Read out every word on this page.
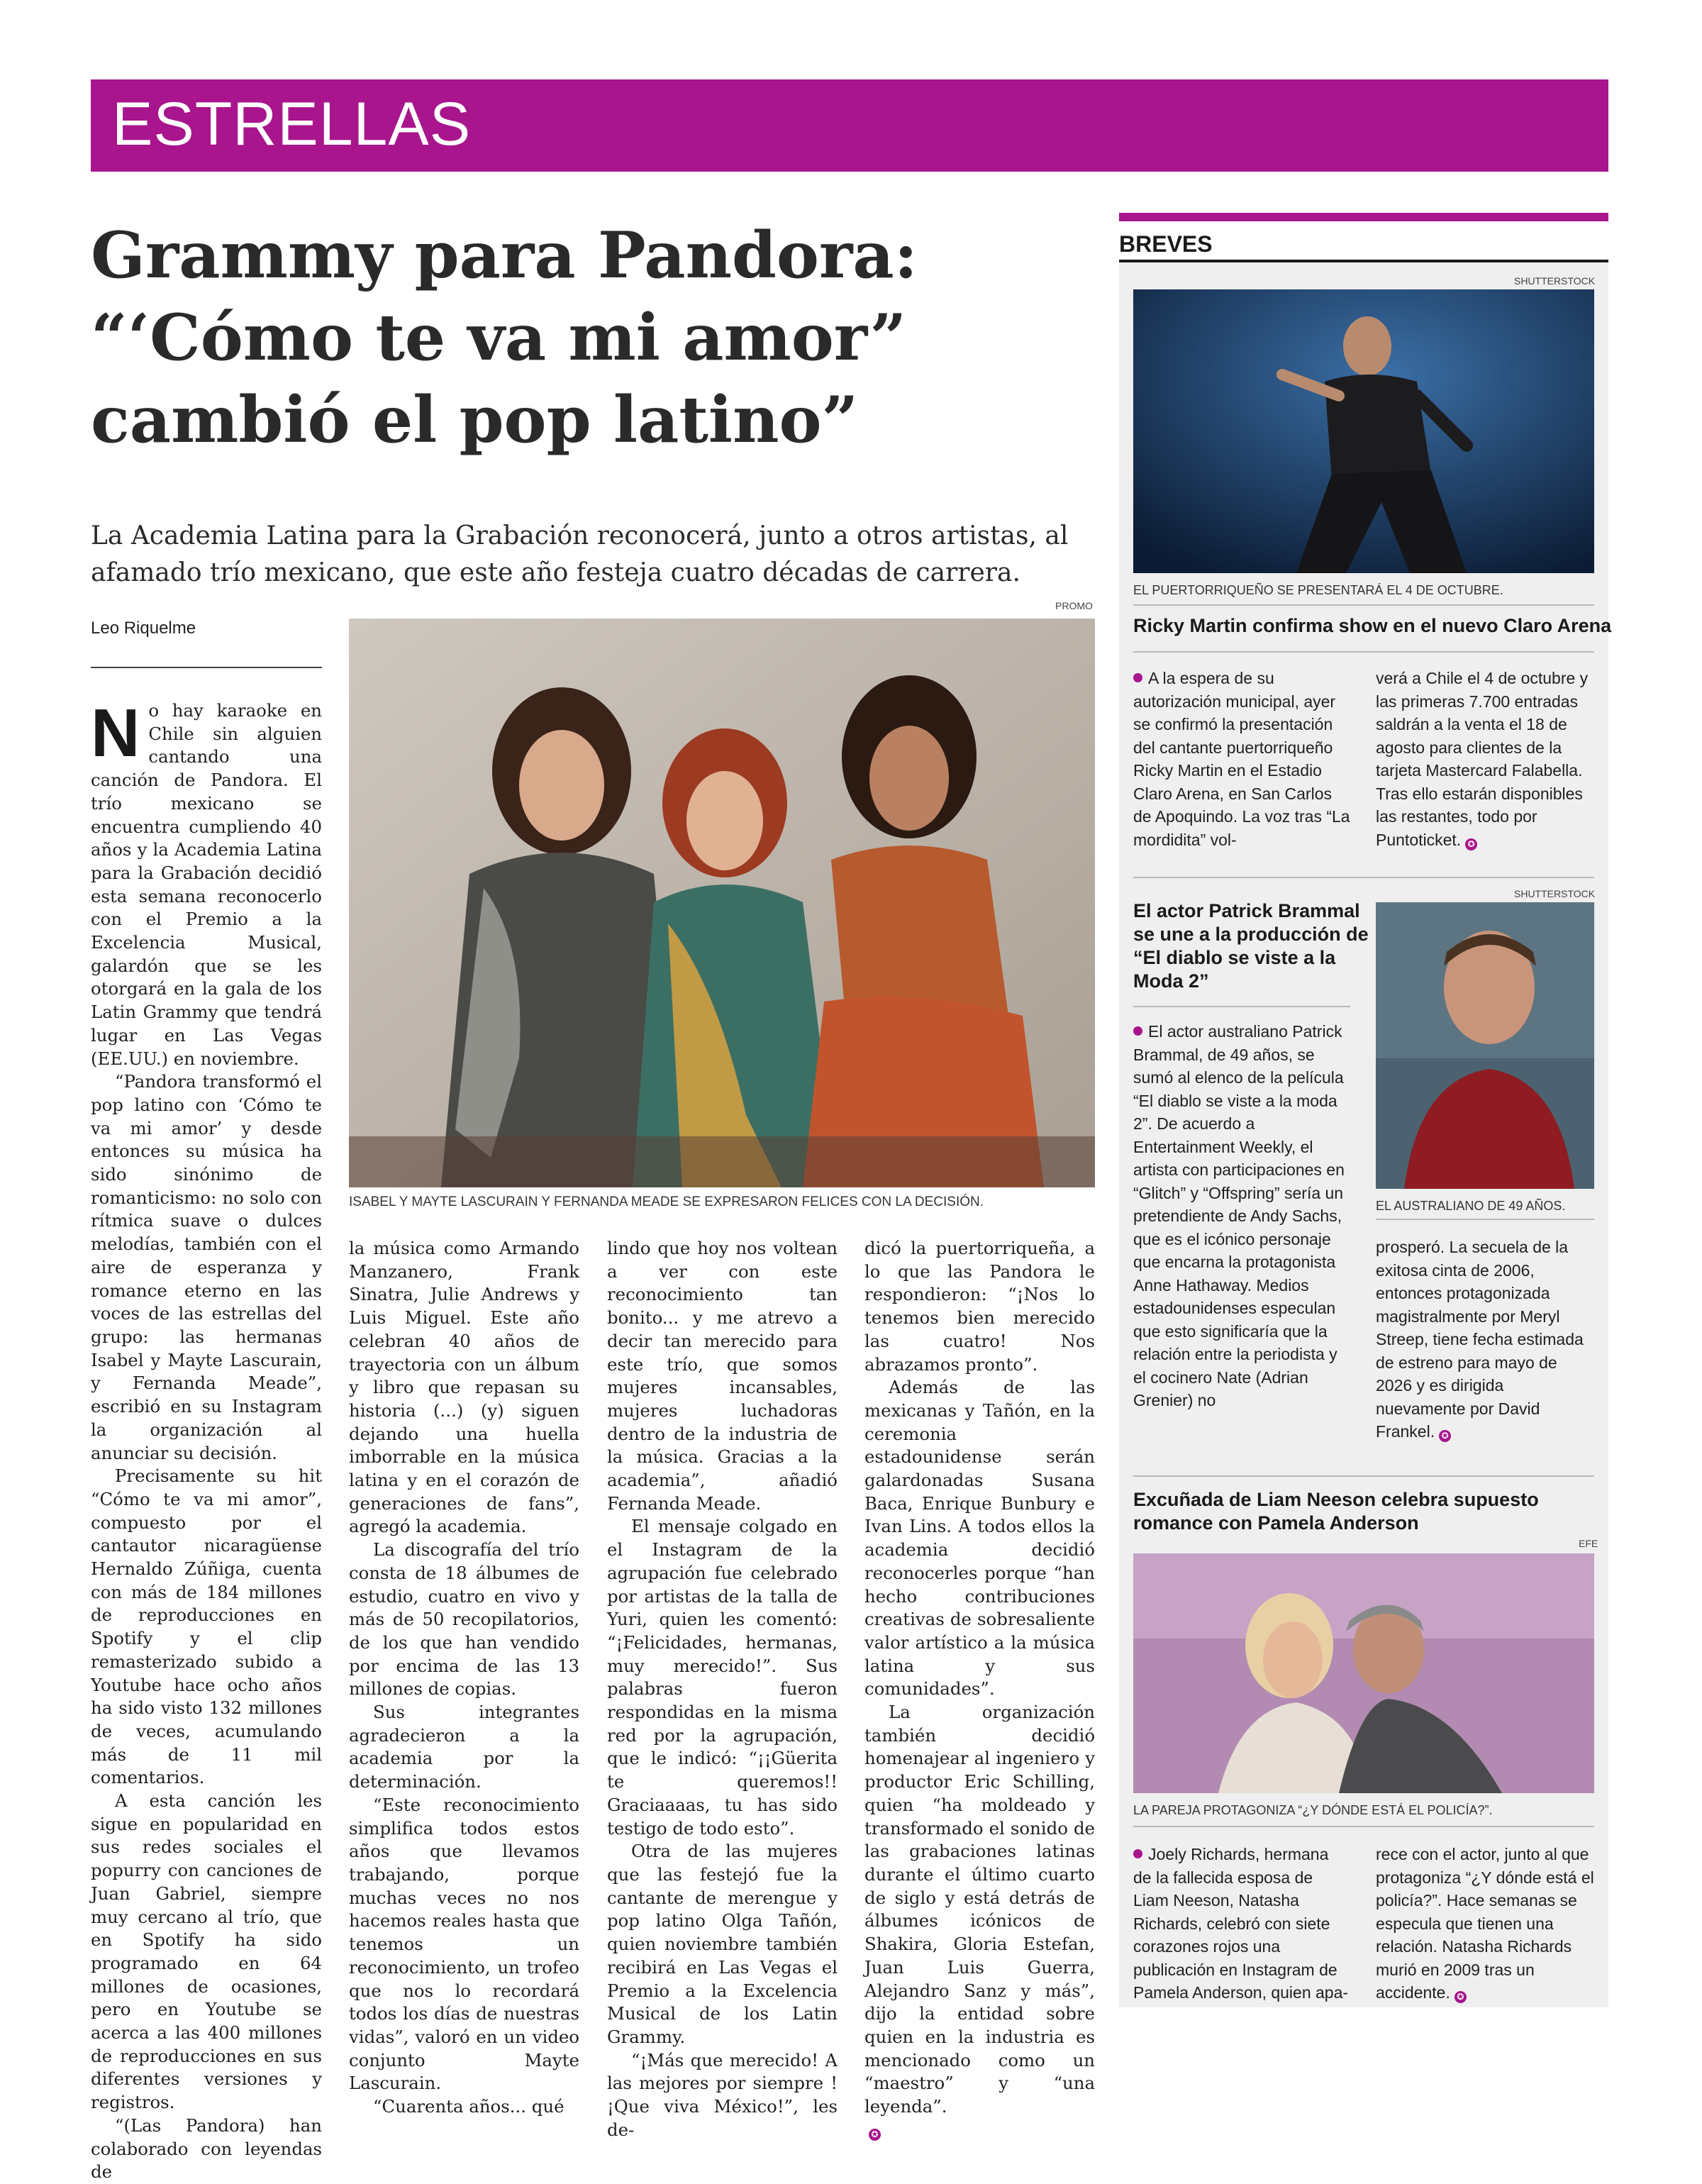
ESTRELLAS
Grammy para Pandora:
“‘Cómo te va mi amor”
cambió el pop latino”
La Academia Latina para la Grabación reconocerá, junto a otros artistas, al afamado trío mexicano, que este año festeja cuatro décadas de carrera.
Leo Riquelme
PROMO
ISABEL Y MAYTE LASCURAIN Y FERNANDA MEADE SE EXPRESARON FELICES CON LA DECISIÓN.
N o hay karaoke en Chile sin alguien cantando una canción de Pandora. El trío mexicano se encuentra cumpliendo 40 años y la Academia Latina para la Grabación decidió esta semana reconocerlo con el Premio a la Excelencia Musical, galardón que se les otorgará en la gala de los Latin Grammy que tendrá lugar en Las Vegas (EE.UU.) en noviembre.

“Pandora transformó el pop latino con ‘Cómo te va mi amor’ y desde entonces su música ha sido sinónimo de romanticismo: no solo con rítmica suave o dulces melodías, también con el aire de esperanza y romance eterno en las voces de las estrellas del grupo: las hermanas Isabel y Mayte Lascurain, y Fernanda Meade”, escribió en su Instagram la organización al anunciar su decisión.

Precisamente su hit “Cómo te va mi amor”, compuesto por el cantautor nicaragüense Hernaldo Zúñiga, cuenta con más de 184 millones de reproducciones en Spotify y el clip remasterizado subido a Youtube hace ocho años ha sido visto 132 millones de veces, acumulando más de 11 mil comentarios.

A esta canción les sigue en popularidad en sus redes sociales el popurry con canciones de Juan Gabriel, siempre muy cercano al trío, que en Spotify ha sido programado en 64 millones de ocasiones, pero en Youtube se acerca a las 400 millones de reproducciones en sus diferentes versiones y registros.

“(Las Pandora) han colaborado con leyendas de

la música como Armando Manzanero, Frank Sinatra, Julie Andrews y Luis Miguel. Este año celebran 40 años de trayectoria con un álbum y libro que repasan su historia (...) (y) siguen dejando una huella imborrable en la música latina y en el corazón de generaciones de fans”, agregó la academia.

La discografía del trío consta de 18 álbumes de estudio, cuatro en vivo y más de 50 recopilatorios, de los que han vendido por encima de las 13 millones de copias.

Sus integrantes agradecieron a la academia por la determinación.

“Este reconocimiento simplifica todos estos años que llevamos trabajando, porque muchas veces no nos hacemos reales hasta que tenemos un reconocimiento, un trofeo que nos lo recordará todos los días de nuestras vidas”, valoró en un video conjunto Mayte Lascurain.

“Cuarenta años... qué

lindo que hoy nos voltean a ver con este reconocimiento tan bonito... y me atrevo a decir tan merecido para este trío, que somos mujeres incansables, mujeres luchadoras dentro de la industria de la música. Gracias a la academia”, añadió Fernanda Meade.

El mensaje colgado en el Instagram de la agrupación fue celebrado por artistas de la talla de Yuri, quien les comentó: “¡Felicidades, hermanas, muy merecido!”. Sus palabras fueron respondidas en la misma red por la agrupación, que le indicó: “¡¡Güerita te queremos!! Graciaaaas, tu has sido testigo de todo esto”.

Otra de las mujeres que las festejó fue la cantante de merengue y pop latino Olga Tañón, quien noviembre también recibirá en Las Vegas el Premio a la Excelencia Musical de los Latin Grammy.

“¡Más que merecido! A las mejores por siempre ! ¡Que viva México!”, les de-

dicó la puertorriqueña, a lo que las Pandora le respondieron: “¡Nos lo tenemos bien merecido las cuatro! Nos abrazamos pronto”.

Además de las mexicanas y Tañón, en la ceremonia estadounidense serán galardonadas Susana Baca, Enrique Bunbury e Ivan Lins. A todos ellos la academia decidió reconocerles porque “han hecho contribuciones creativas de sobresaliente valor artístico a la música latina y sus comunidades”.

La organización también decidió homenajear al ingeniero y productor Eric Schilling, quien “ha moldeado y transformado el sonido de las grabaciones latinas durante el último cuarto de siglo y está detrás de álbumes icónicos de Shakira, Gloria Estefan, Juan Luis Guerra, Alejandro Sanz y más”, dijo la entidad sobre quien en la industria es mencionado como un “maestro” y “una leyenda”.

✪
BREVES
SHUTTERSTOCK
EL PUERTORRIQUEÑO SE PRESENTARÁ EL 4 DE OCTUBRE.
Ricky Martin confirma show en el nuevo Claro Arena
A la espera de su autorización municipal, ayer se confirmó la presentación del cantante puertorriqueño Ricky Martin en el Estadio Claro Arena, en San Carlos de Apoquindo. La voz tras “La mordidita” vol-
verá a Chile el 4 de octubre y las primeras 7.700 entradas saldrán a la venta el 18 de agosto para clientes de la tarjeta Mastercard Falabella. Tras ello estarán disponibles las restantes, todo por Puntoticket. ✪
SHUTTERSTOCK
El actor Patrick Brammal se une a la producción de “El diablo se viste a la Moda 2”
EL AUSTRALIANO DE 49 AÑOS.
El actor australiano Patrick Brammal, de 49 años, se sumó al elenco de la película “El diablo se viste a la moda 2”. De acuerdo a Entertainment Weekly, el artista con participaciones en “Glitch” y “Offspring” sería un pretendiente de Andy Sachs, que es el icónico personaje que encarna la protagonista Anne Hathaway. Medios estadounidenses especulan que esto significaría que la relación entre la periodista y el cocinero Nate (Adrian Grenier) no
prosperó. La secuela de la exitosa cinta de 2006, entonces protagonizada magistralmente por Meryl Streep, tiene fecha estimada de estreno para mayo de 2026 y es dirigida nuevamente por David Frankel. ✪
Excuñada de Liam Neeson celebra supuesto romance con Pamela Anderson
EFE
LA PAREJA PROTAGONIZA “¿Y DÓNDE ESTÁ EL POLICÍA?”.
Joely Richards, hermana de la fallecida esposa de Liam Neeson, Natasha Richards, celebró con siete corazones rojos una publicación en Instagram de Pamela Anderson, quien apa-
rece con el actor, junto al que protagoniza “¿Y dónde está el policía?”. Hace semanas se especula que tienen una relación. Natasha Richards murió en 2009 tras un accidente. ✪
